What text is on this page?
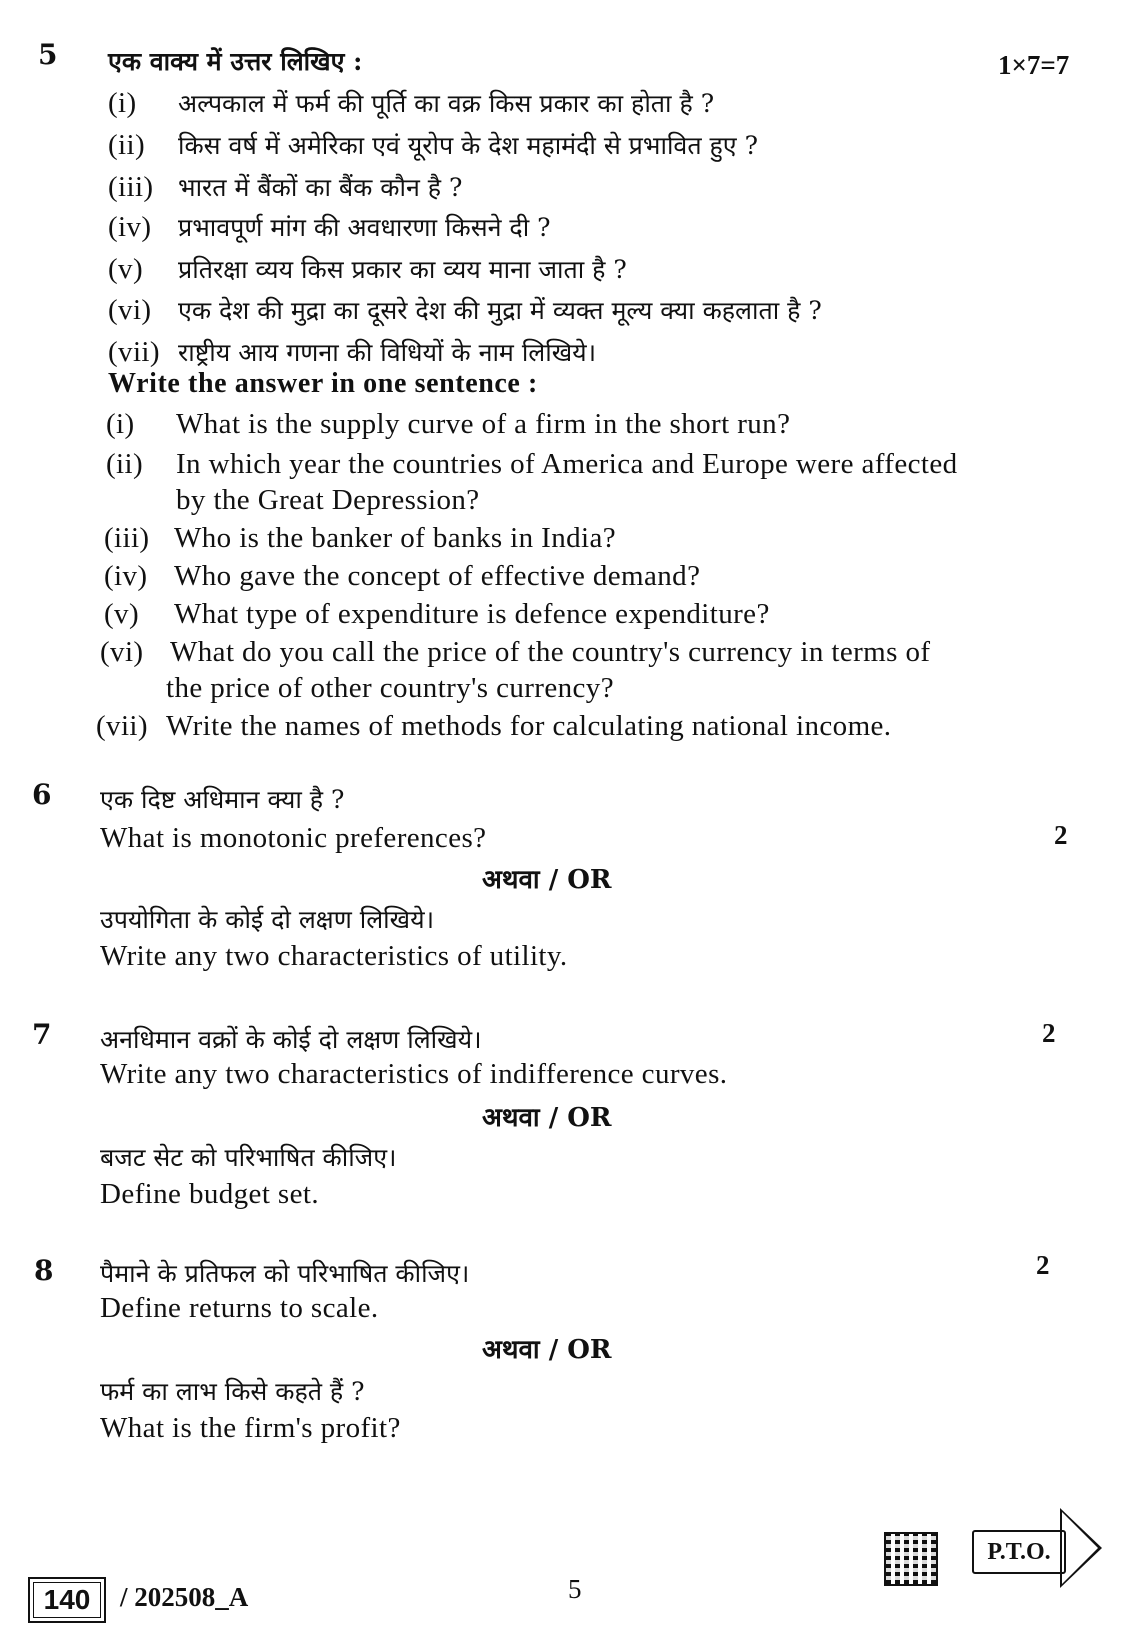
5 एक वाक्य में उत्तर लिखिए :	1×7=7
(i) अल्पकाल में फर्म की पूर्ति का वक्र किस प्रकार का होता है ?
(ii) किस वर्ष में अमेरिका एवं यूरोप के देश महामंदी से प्रभावित हुए ?
(iii) भारत में बैंकों का बैंक कौन है ?
(iv) प्रभावपूर्ण मांग की अवधारणा किसने दी ?
(v) प्रतिरक्षा व्यय किस प्रकार का व्यय माना जाता है ?
(vi) एक देश की मुद्रा का दूसरे देश की मुद्रा में व्यक्त मूल्य क्या कहलाता है ?
(vii) राष्ट्रीय आय गणना की विधियों के नाम लिखिये।
Write the answer in one sentence :
(i) What is the supply curve of a firm in the short run?
(ii) In which year the countries of America and Europe were affected
by the Great Depression?
(iii) Who is the banker of banks in India?
(iv) Who gave the concept of effective demand?
(v) What type of expenditure is defence expenditure?
(vi) What do you call the price of the country's currency in terms of
the price of other country's currency?
(vii) Write the names of methods for calculating national income.
6
2
एक दिष्ट अधिमान क्या है ?
What is monotonic preferences?
अथवा / OR
उपयोगिता के कोई दो लक्षण लिखिये।
Write any two characteristics of utility.
7	2
अनधिमान वक्रों के कोई दो लक्षण लिखिये।
Write any two characteristics of indifference curves.
अथवा / OR
बजट सेट को परिभाषित कीजिए।
Define budget set.
8	2
पैमाने के प्रतिफल को परिभाषित कीजिए।
Define returns to scale.
अथवा / OR
फर्म का लाभ किसे कहते हैं ?
What is the firm's profit?
140	/ 202508_A	5
P.T.O.
